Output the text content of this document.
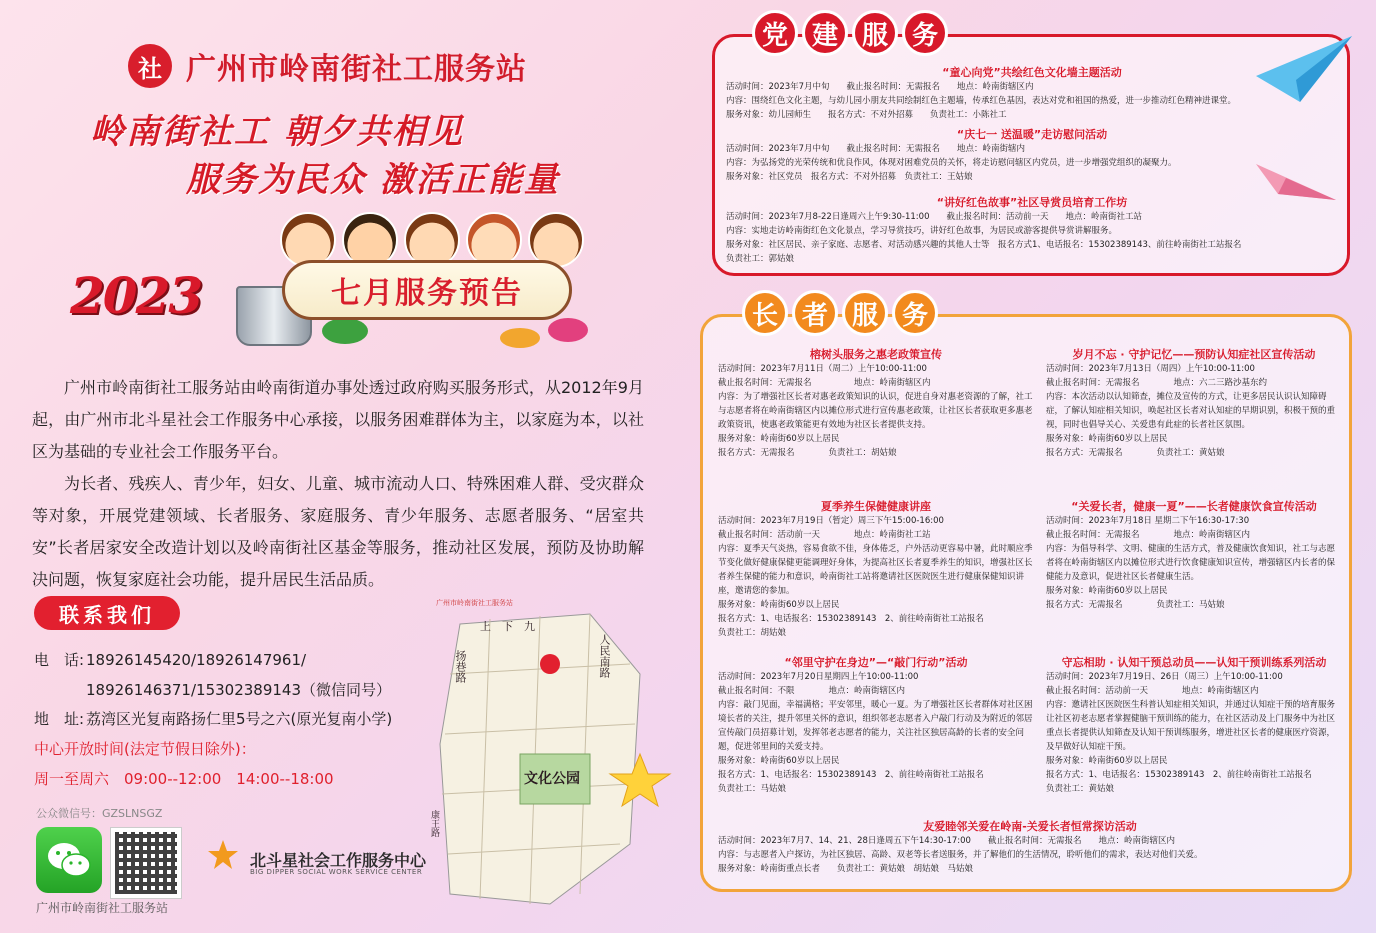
社 广州市岭南街社工服务站
岭南街社工 朝夕共相见
服务为民众 激活正能量
2023	七月服务预告

广州市岭南街社工服务站由岭南街道办事处透过政府购买服务形式，从2012年9月起，由广州市北斗星社会工作服务中心承接，以服务困难群体为主，以家庭为本，以社区为基础的专业社会工作服务平台。

为长者、残疾人、青少年，妇女、儿童、城市流动人口、特殊困难人群、受灾群众等对象，开展党建领域、长者服务、家庭服务、青少年服务、志愿者服务、“居室共安”长者居家安全改造计划以及岭南街社区基金等服务，推动社区发展，预防及协助解决问题，恢复家庭社会功能，提升居民生活品质。

联系我们
电　话: 18926145420/18926147961/
18926146371/15302389143（微信同号）
地　址: 荔湾区光复南路扬仁里5号之六(原光复南小学)
中心开放时间(法定节假日除外)：
周一至周六　09:00--12:00　14:00--18:00
公众微信号：GZSLNSGZ
广州市岭南街社工服务站
北斗星社会工作服务中心
BIG DIPPER SOCIAL WORK SERVICE CENTER
广州市岭南街社工服务站
上　下　九
扬巷路	人民南路
康王路
文化公园
党 建 服 务
“童心向党”共绘红色文化墙主题活动
活动时间：2023年7月中旬　　截止报名时间：无需报名　　地点：岭南街辖区内
内容：围绕红色文化主题，与幼儿园小朋友共同绘制红色主题墙，传承红色基因，表达对党和祖国的热爱，进一步推动红色精神进课堂。
服务对象：幼儿园师生　　报名方式：不对外招募　　负责社工：小陈社工
“庆七一 送温暖”走访慰问活动
活动时间：2023年7月中旬　　截止报名时间：无需报名　　地点：岭南街辖内
内容：为弘扬党的光荣传统和优良作风，体现对困难党员的关怀，将走访慰问辖区内党员，进一步增强党组织的凝聚力。
服务对象：社区党员　报名方式：不对外招募　负责社工：王姑娘
“讲好红色故事”社区导赏员培育工作坊
活动时间：2023年7月8-22日逢周六上午9:30-11:00　　截止报名时间：活动前一天　　地点：岭南街社工站
内容：实地走访岭南街红色文化景点，学习导赏技巧，讲好红色故事，为居民或游客提供导赏讲解服务。
服务对象：社区居民、亲子家庭、志愿者、对活动感兴趣的其他人士等　报名方式1、电话报名：15302389143、前往岭南街社工站报名
负责社工：郭姑娘
长 者 服 务
榕树头服务之惠老政策宣传
活动时间：2023年7月11日（周二）上午10:00-11:00
截止报名时间：无需报名　　　　　地点：岭南街辖区内
内容：为了增强社区长者对惠老政策知识的认识，促进自身对惠老资源的了解，社工与志愿者将在岭南街辖区内以摊位形式进行宣传惠老政策，让社区长者获取更多惠老政策资讯，使惠老政策能更有效地为社区长者提供支持。
服务对象：岭南街60岁以上居民
报名方式：无需报名　　　　负责社工：胡姑娘
夏季养生保健健康讲座
活动时间：2023年7月19日（暂定）周三下午15:00-16:00
截止报名时间：活动前一天　　　　地点：岭南街社工站
内容：夏季天气炎热，容易食欲不佳，身体倦乏，户外活动更容易中暑，此时顺应季节变化做好健康保健更能调理好身体，为提高社区长者夏季养生的知识，增强社区长者养生保健的能力和意识，岭南街社工站将邀请社区医院医生进行健康保健知识讲座，邀请您的参加。
服务对象：岭南街60岁以上居民
报名方式：1、电话报名：15302389143　2、前往岭南街社工站报名
负责社工：胡姑娘
“邻里守护在身边”—“敲门行动”活动
活动时间：2023年7月20日星期四上午10:00-11:00
截止报名时间：不限　　　　地点：岭南街辖区内
内容：敲门见面，幸福满格；平安邻里，暖心一夏。为了增强社区长者群体对社区困境长者的关注，提升邻里关怀的意识，组织邻老志愿者入户敲门行动及为附近的邻居宣传敲门员招募计划，发挥邻老志愿者的能力，关注社区独居高龄的长者的安全问题，促进邻里间的关爱支持。
服务对象：岭南街60岁以上居民
报名方式：1、电话报名：15302389143　2、前往岭南街社工站报名
负责社工：马姑娘
岁月不忘 · 守护记忆——预防认知症社区宣传活动
活动时间：2023年7月13日（周四）上午10:00-11:00
截止报名时间：无需报名　　　　地点：六二三路沙基东约
内容：本次活动以认知筛查，摊位及宣传的方式，让更多居民认识认知障碍症，了解认知症相关知识，唤起社区长者对认知症的早期识别，积极干预的重视，同时也倡导关心、关爱患有此症的长者社区氛围。
服务对象：岭南街60岁以上居民
报名方式：无需报名　　　　负责社工：黄姑娘
“关爱长者，健康一夏”——长者健康饮食宣传活动
活动时间：2023年7月18日 星期二下午16:30-17:30
截止报名时间：无需报名　　　　地点：岭南街辖区内
内容：为倡导科学、文明、健康的生活方式，普及健康饮食知识，社工与志愿者将在岭南街辖区内以摊位形式进行饮食健康知识宣传，增强辖区内长者的保健能力及意识，促进社区长者健康生活。
服务对象：岭南街60岁以上居民
报名方式：无需报名　　　　负责社工：马姑娘
守忘相助 · 认知干预总动员——认知干预训练系列活动
活动时间：2023年7月19日、26日（周三）上午10:00-11:00
截止报名时间：活动前一天　　　　地点：岭南街辖区内
内容：邀请社区医院医生科普认知症相关知识，并通过认知症干预的培育服务让社区初老志愿者掌握健脑干预训练的能力，在社区活动及上门服务中为社区重点长者提供认知筛查及认知干预训练服务，增进社区长者的健康医疗资源，及早做好认知症干预。
服务对象：岭南街60岁以上居民
报名方式：1、电话报名：15302389143　2、前往岭南街社工站报名
负责社工：黄姑娘
友爱睦邻关爱在岭南-关爱长者恒常探访活动
活动时间：2023年7月7、14、21、28日逢周五下午14:30-17:00　　截止报名时间：无需报名　　地点：岭南街辖区内
内容：与志愿者入户探访，为社区独居、高龄、双老等长者送服务，并了解他们的生活情况，聆听他们的需求，表达对他们关爱。
服务对象：岭南街重点长者　　负责社工：黄姑娘　胡姑娘　马姑娘
